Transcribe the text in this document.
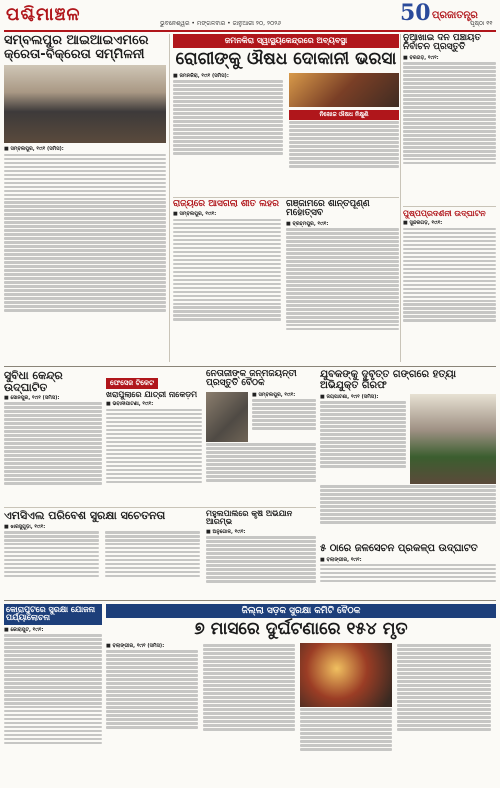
ପଶ୍ଚିମାଞ୍ଚଳ	ଭୁବନେଶ୍ୱର • ମଙ୍ଗଳବାର • ଜାନୁଆରୀ ୨୦, ୨୦୨୬	50 ପ୍ରଜାତନ୍ତ୍ର
ପୃଷ୍ଠା ୧୧
ସମ୍ବଲପୁର ଆଇଆଇଏମରେ କ୍ରେତା-ବିକ୍ରେତା ସମ୍ମିଳନୀ
■ ସମ୍ବଲପୁର, ୧୯ା୧ (ସମିସ):
ଜମନକିରା ସ୍ୱାସ୍ଥ୍ୟକେନ୍ଦ୍ରରେ ଅବ୍ୟବସ୍ଥା
ରୋଗୀଙ୍କୁ ଔଷଧ ଦୋକାନୀ ଭରସା
■ ଜମନକିରା, ୧୯ା୧ (ସମିସ):
ନିଖୋଜ ଔଷଧ ନିକ୍ଷୁଣି
ନୁଆଁଖାଇ ଦିନ ପଞ୍ଚାୟତ ନିର୍ବାଚନ ପ୍ରସ୍ତୁତି
■ ବରଗଡ଼, ୧୯ା୧:
ରାଜ୍ୟରେ ଆସିଗଲା ଶୀତ ଲହର
■ ସମ୍ବଲପୁର, ୧୯ା୧:
ଗଞ୍ଜାମରେ ଶାନ୍ତିପୂର୍ଣ୍ଣ ମହୋତ୍ସବ
■ ବ୍ରହ୍ମପୁର, ୧୯ା୧:
ପୁଷ୍ପପ୍ରଦର୍ଶନୀ ଉଦ୍‌ଘାଟନ
■ ସୁନ୍ଦରଗଡ଼, ୧୯ା୧:
ସୁବିଧା କେନ୍ଦ୍ର ଉଦ୍‌ଘାଟିତ
■ ସୋନପୁର, ୧୯ା୧ (ସମିସ):
ଫେସେଜ ଟିକେଟ
ଖରାପୁଲାରେ ଯାତ୍ରୀ ନାକେଡ଼ମ
■ ଭବାନୀପାଟଣା, ୧୯ା୧:
ନେତାଜୀଙ୍କ ଜନ୍ମଜୟନ୍ତୀ ପ୍ରସ୍ତୁତି ବୈଠକ
■ ସମ୍ବଲପୁର, ୧୯ା୧:
ଯୁବକଙ୍କୁ ଦୁର୍ବୃତ୍ତ ଗଙ୍ଗରେ ହତ୍ୟା ଅଭିଯୁକ୍ତ ଗିରଫ
■ ଜୟପାଟଣା, ୧୯ା୧ (ସମିସ):
ଏମସିଏଲ ପରିବେଶ ସୁରକ୍ଷା ସଚେତନତା
■ ଝାରସୁଗୁଡ଼ା, ୧୯ା୧:
ମହୁଲପାଲିରେ କୃଷି ଅଭିଯାନ ଆରମ୍ଭ
■ ଅନୁଗୋଳ, ୧୯ା୧:
୫ ଠାରେ ଜଳସେଚନ ପ୍ରକଳ୍ପ ଉଦ୍‌ଘାଟିତ
■ ବଲାଙ୍ଗୀର, ୧୯ା୧:
କୋରାପୁଟରେ ସୁରକ୍ଷା ଯୋଜନା ପର୍ଯ୍ୟାଲୋଚନା
■ କୋରାପୁଟ, ୧୯ା୧:
ଜିଲ୍ଲା ସଡ଼କ ସୁରକ୍ଷା କମିଟି ବୈଠକ
୭ ମାସରେ ଦୁର୍ଘଟଣାରେ ୧୫୪ ମୃତ
■ ବଲାଙ୍ଗୀର, ୧୯ା୧ (ସମିସ):
